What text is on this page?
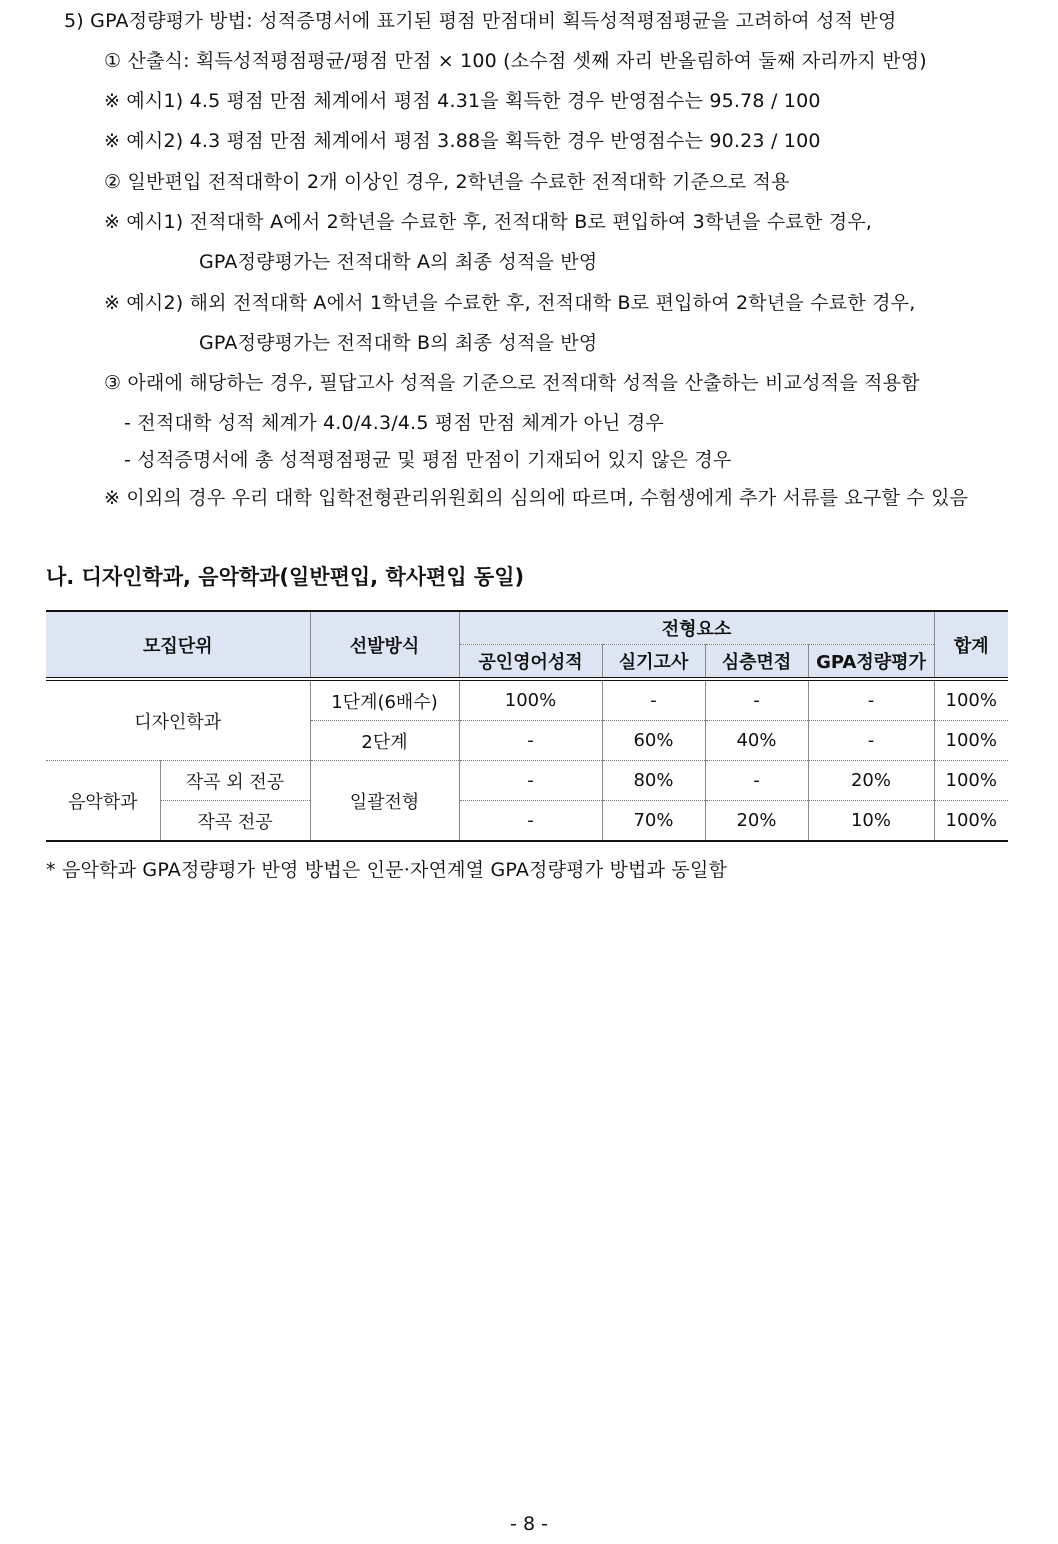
5) GPA정량평가 방법: 성적증명서에 표기된 평점 만점대비 획득성적평점평균을 고려하여 성적 반영
① 산출식: 획득성적평점평균/평점 만점 × 100 (소수점 셋째 자리 반올림하여 둘째 자리까지 반영)
※ 예시1) 4.5 평점 만점 체계에서 평점 4.31을 획득한 경우 반영점수는 95.78 / 100
※ 예시2) 4.3 평점 만점 체계에서 평점 3.88을 획득한 경우 반영점수는 90.23 / 100
② 일반편입 전적대학이 2개 이상인 경우, 2학년을 수료한 전적대학 기준으로 적용
※ 예시1) 전적대학 A에서 2학년을 수료한 후, 전적대학 B로 편입하여 3학년을 수료한 경우,
GPA정량평가는 전적대학 A의 최종 성적을 반영
※ 예시2) 해외 전적대학 A에서 1학년을 수료한 후, 전적대학 B로 편입하여 2학년을 수료한 경우,
GPA정량평가는 전적대학 B의 최종 성적을 반영
③ 아래에 해당하는 경우, 필답고사 성적을 기준으로 전적대학 성적을 산출하는 비교성적을 적용함
- 전적대학 성적 체계가 4.0/4.3/4.5 평점 만점 체계가 아닌 경우
- 성적증명서에 총 성적평점평균 및 평점 만점이 기재되어 있지 않은 경우
※ 이외의 경우 우리 대학 입학전형관리위원회의 심의에 따르며, 수험생에게 추가 서류를 요구할 수 있음
나. 디자인학과, 음악학과(일반편입, 학사편입 동일)
모집단위		선발방식	전형요소				합계
			공인영어성적	실기고사	심층면접	GPA정량평가	
디자인학과		1단계(6배수)	100%	-	-	-	100%
		2단계	-	60%	40%	-	100%
음악학과	작곡 외 전공	일괄전형	-	80%	-	20%	100%
	작곡 전공		-	70%	20%	10%	100%
* 음악학과 GPA정량평가 반영 방법은 인문·자연계열 GPA정량평가 방법과 동일함
- 8 -
